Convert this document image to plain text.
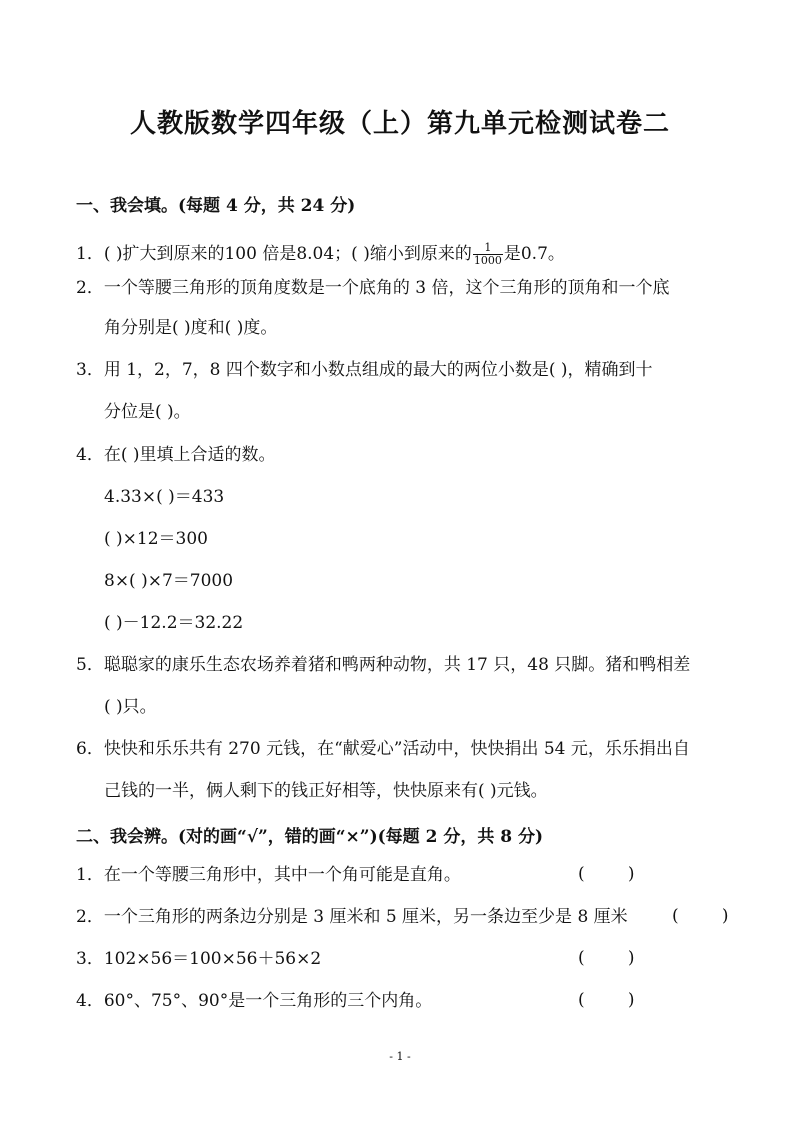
人教版数学四年级（上）第九单元检测试卷二
一、我会填。(每题 4 分，共 24 分)
1．( )扩大到原来的100 倍是8.04；( )缩小到原来的 $\frac{1}{1000}$ 是0.7。
2．一个等腰三角形的顶角度数是一个底角的 3 倍，这个三角形的顶角和一个底
角分别是( )度和( )度。
3．用 1，2，7，8 四个数字和小数点组成的最大的两位小数是( )，精确到十
分位是( )。
4．在( )里填上合适的数。
4.33×( )＝433
( )×12＝300
8×( )×7＝7000
( )－12.2＝32.22
5．聪聪家的康乐生态农场养着猪和鸭两种动物，共 17 只，48 只脚。猪和鸭相差
( )只。
6．快快和乐乐共有 270 元钱，在“献爱心”活动中，快快捐出 54 元，乐乐捐出自
己钱的一半，俩人剩下的钱正好相等，快快原来有( )元钱。
二、我会辨。(对的画“√”，错的画“×”)(每题 2 分，共 8 分)
1．在一个等腰三角形中，其中一个角可能是直角。	(        )
2．一个三角形的两条边分别是 3 厘米和 5 厘米，另一条边至少是 8 厘米	(        )
3．102×56＝100×56＋56×2	(        )
4．60°、75°、90°是一个三角形的三个内角。	(        )
- 1 -
